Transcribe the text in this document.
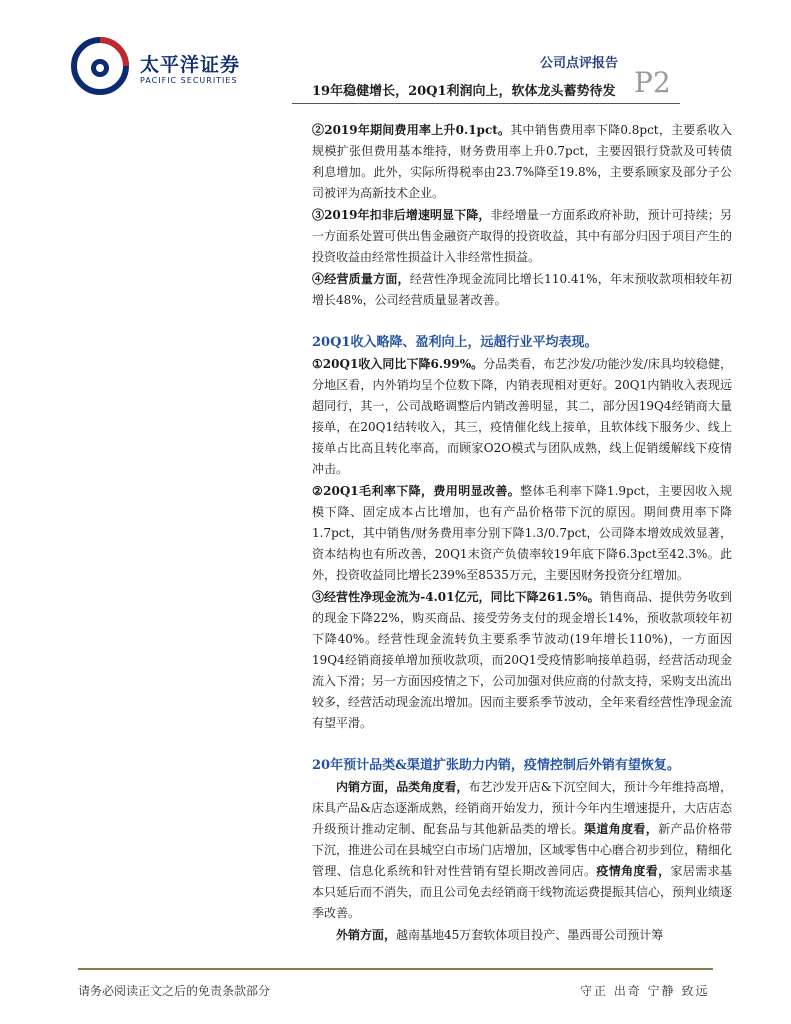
太平洋证券
PACIFIC SECURITIES
公司点评报告
19年稳健增长，20Q1利润向上，软体龙头蓄势待发 P2

②2019年期间费用率上升0.1pct。其中销售费用率下降0.8pct，主要系收入规模扩张但费用基本维持，财务费用率上升0.7pct，主要因银行贷款及可转债利息增加。此外，实际所得税率由23.7%降至19.8%，主要系顾家及部分子公司被评为高新技术企业。

③2019年扣非后增速明显下降，非经增量一方面系政府补助，预计可持续；另一方面系处置可供出售金融资产取得的投资收益，其中有部分归因于项目产生的投资收益由经常性损益计入非经常性损益。

④经营质量方面，经营性净现金流同比增长110.41%，年末预收款项相较年初增长48%，公司经营质量显著改善。

20Q1收入略降、盈利向上，远超行业平均表现。

①20Q1收入同比下降6.99%。分品类看，布艺沙发/功能沙发/床具均较稳健，分地区看，内外销均呈个位数下降，内销表现相对更好。20Q1内销收入表现远超同行，其一，公司战略调整后内销改善明显，其二，部分因19Q4经销商大量接单，在20Q1结转收入，其三，疫情催化线上接单，且软体线下服务少、线上接单占比高且转化率高，而顾家O2O模式与团队成熟，线上促销缓解线下疫情冲击。

②20Q1毛利率下降，费用明显改善。整体毛利率下降1.9pct，主要因收入规模下降、固定成本占比增加，也有产品价格带下沉的原因。期间费用率下降1.7pct，其中销售/财务费用率分别下降1.3/0.7pct，公司降本增效成效显著，资本结构也有所改善，20Q1末资产负债率较19年底下降6.3pct至42.3%。此外，投资收益同比增长239%至8535万元，主要因财务投资分红增加。

③经营性净现金流为-4.01亿元，同比下降261.5%。销售商品、提供劳务收到的现金下降22%，购买商品、接受劳务支付的现金增长14%，预收款项较年初下降40%。经营性现金流转负主要系季节波动(19年增长110%)，一方面因19Q4经销商接单增加预收款项，而20Q1受疫情影响接单趋弱，经营活动现金流入下滑；另一方面因疫情之下，公司加强对供应商的付款支持，采购支出流出较多，经营活动现金流出增加。因而主要系季节波动，全年来看经营性净现金流有望平滑。

20年预计品类&渠道扩张助力内销，疫情控制后外销有望恢复。

内销方面，品类角度看，布艺沙发开店&下沉空间大，预计今年维持高增，床具产品&店态逐渐成熟，经销商开始发力，预计今年内生增速提升，大店店态升级预计推动定制、配套品与其他新品类的增长。渠道角度看，新产品价格带下沉，推进公司在县城空白市场门店增加，区域零售中心磨合初步到位，精细化管理、信息化系统和针对性营销有望长期改善同店。疫情角度看，家居需求基本只延后而不消失，而且公司免去经销商干线物流运费提振其信心，预判业绩逐季改善。

外销方面，越南基地45万套软体项目投产、墨西哥公司预计筹

请务必阅读正文之后的免责条款部分	守正 出奇 宁静 致远
